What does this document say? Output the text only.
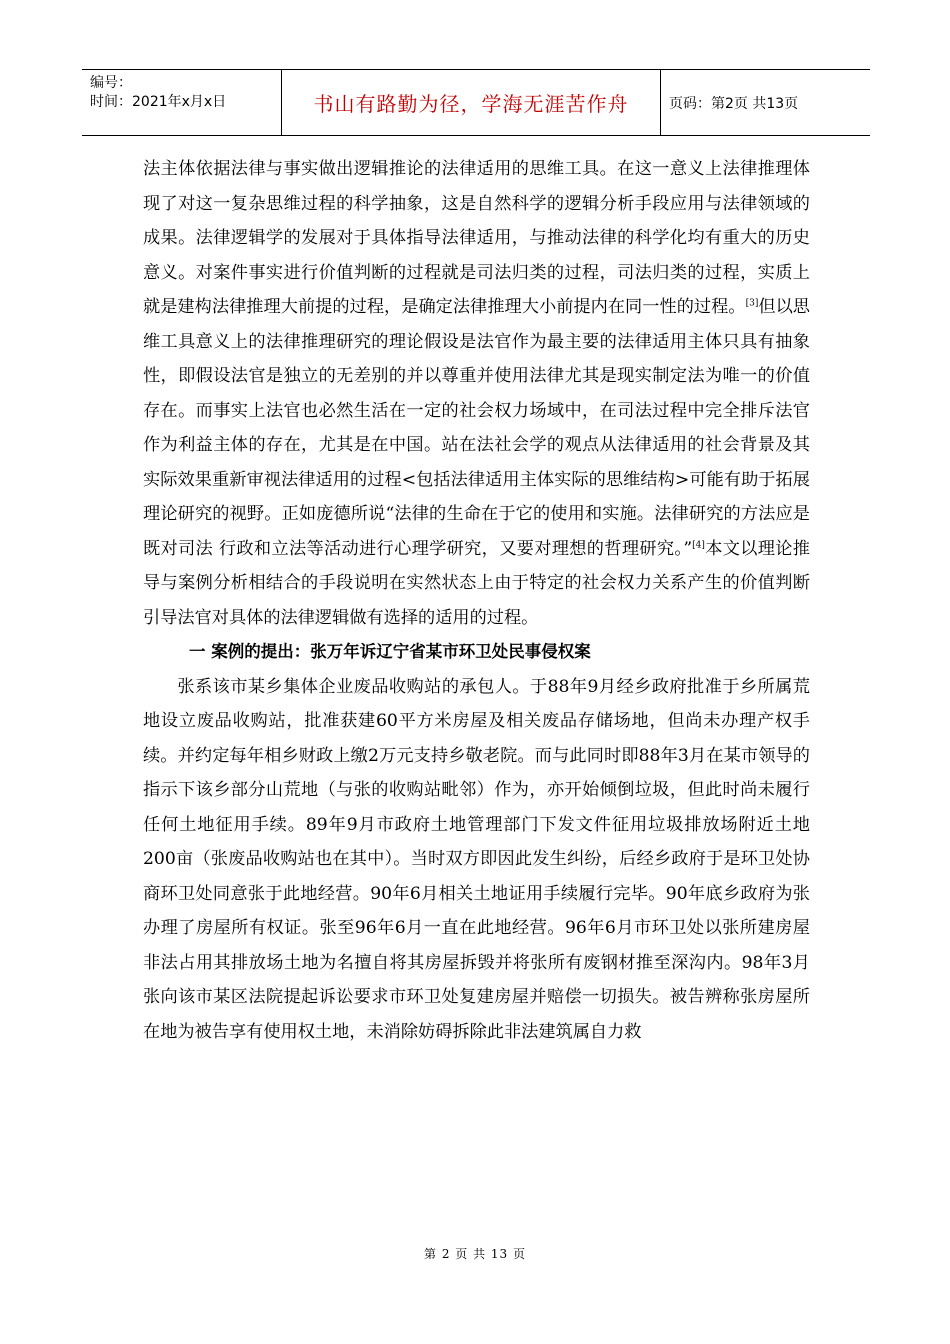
编号：
时间：2021年x月x日	书山有路勤为径，学海无涯苦作舟	页码：第2页 共13页

法主体依据法律与事实做出逻辑推论的法律适用的思维工具。在这一意义上法律推理体现了对这一复杂思维过程的科学抽象，这是自然科学的逻辑分析手段应用与法律领域的成果。法律逻辑学的发展对于具体指导法律适用，与推动法律的科学化均有重大的历史意义。对案件事实进行价值判断的过程就是司法归类的过程，司法归类的过程，实质上就是建构法律推理大前提的过程，是确定法律推理大小前提内在同一性的过程。[3]但以思维工具意义上的法律推理研究的理论假设是法官作为最主要的法律适用主体只具有抽象性，即假设法官是独立的无差别的并以尊重并使用法律尤其是现实制定法为唯一的价值存在。而事实上法官也必然生活在一定的社会权力场域中，在司法过程中完全排斥法官作为利益主体的存在，尤其是在中国。站在法社会学的观点从法律适用的社会背景及其实际效果重新审视法律适用的过程<包括法律适用主体实际的思维结构>可能有助于拓展理论研究的视野。正如庞德所说“法律的生命在于它的使用和实施。法律研究的方法应是既对司法 行政和立法等活动进行心理学研究，又要对理想的哲理研究。”[4]本文以理论推导与案例分析相结合的手段说明在实然状态上由于特定的社会权力关系产生的价值判断引导法官对具体的法律逻辑做有选择的适用的过程。

一 案例的提出：张万年诉辽宁省某市环卫处民事侵权案

张系该市某乡集体企业废品收购站的承包人。于88年9月经乡政府批准于乡所属荒地设立废品收购站，批准获建60平方米房屋及相关废品存储场地，但尚未办理产权手续。并约定每年相乡财政上缴2万元支持乡敬老院。而与此同时即88年3月在某市领导的指示下该乡部分山荒地（与张的收购站毗邻）作为，亦开始倾倒垃圾，但此时尚未履行任何土地征用手续。89年9月市政府土地管理部门下发文件征用垃圾排放场附近土地200亩（张废品收购站也在其中）。当时双方即因此发生纠纷，后经乡政府于是环卫处协商环卫处同意张于此地经营。90年6月相关土地证用手续履行完毕。90年底乡政府为张办理了房屋所有权证。张至96年6月一直在此地经营。96年6月市环卫处以张所建房屋非法占用其排放场土地为名擅自将其房屋拆毁并将张所有废钢材推至深沟内。98年3月张向该市某区法院提起诉讼要求市环卫处复建房屋并赔偿一切损失。被告辨称张房屋所在地为被告享有使用权土地，未消除妨碍拆除此非法建筑属自力救

第 2 页 共 13 页
